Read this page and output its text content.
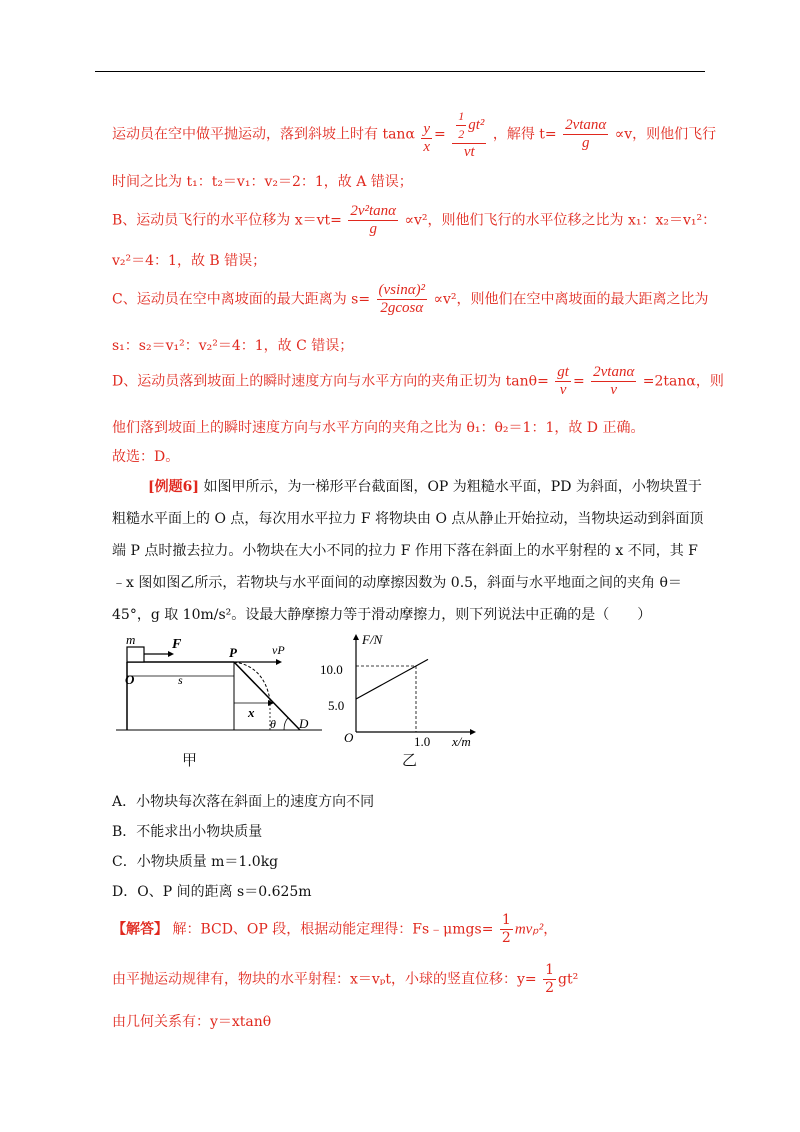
运动员在空中做平抛运动，落到斜坡上时有 tanα $\frac{y}{x} = \frac{\frac{1}{2} gt^2}{vt}$ ，解得 $t= \frac{2vtan\alpha}{g} \propto v$，则他们飞行
时间之比为 t₁：t₂＝v₁：v₂＝2：1，故 A 错误；
B、运动员飞行的水平位移为 $x=vt= \frac{\text{2v²tanα}}{g} \propto v^2$，则他们飞行的水平位移之比为 x₁：x₂＝v₁²：
v₂²＝4：1，故 B 错误；
C、运动员在空中离坡面的最大距离为 $s= \frac{\text{(vsinα)²}}{2gcos\alpha} \propto v^2$，则他们在空中离坡面的最大距离之比为
s₁：s₂＝v₁²：v₂²＝4：1，故 C 错误；
D、运动员落到坡面上的瞬时速度方向与水平方向的夹角正切为 $\tan\theta= \frac{gt}{v} = \frac{2vtan\alpha}{v} =2\tan\alpha$，则
他们落到坡面上的瞬时速度方向与水平方向的夹角之比为 θ₁：θ₂＝1：1，故 D 正确。
故选：D。
[例题6] 如图甲所示，为一梯形平台截面图，OP 为粗糙水平面，PD 为斜面，小物块置于
粗糙水平面上的 O 点，每次用水平拉力 F 将物块由 O 点从静止开始拉动，当物块运动到斜面顶
端 P 点时撤去拉力。小物块在大小不同的拉力 F 作用下落在斜面上的水平射程的 x 不同，其 F
﹣x 图如图乙所示，若物块与水平面间的动摩擦因数为 0.5，斜面与水平地面之间的夹角 θ＝
45°，g 取 10m/s²。设最大静摩擦力等于滑动摩擦力，则下列说法中正确的是（　　）
m	F
P	vP
O	s
x
θ D
F/N
x/m
O
10.0
5.0
1.0
甲	乙
A．小物块每次落在斜面上的速度方向不同
B．不能求出小物块质量
C．小物块质量 m＝1.0kg
D．O、P 间的距离 s＝0.625m
【解答】 解：BCD、OP 段，根据动能定理得：Fs﹣μmgs= $\frac{1}{2} mv_p^2$，
由平抛运动规律有，物块的水平射程：x＝vₚt，小球的竖直位移：$y= \frac{1}{2} gt^2$
由几何关系有：y＝xtanθ
